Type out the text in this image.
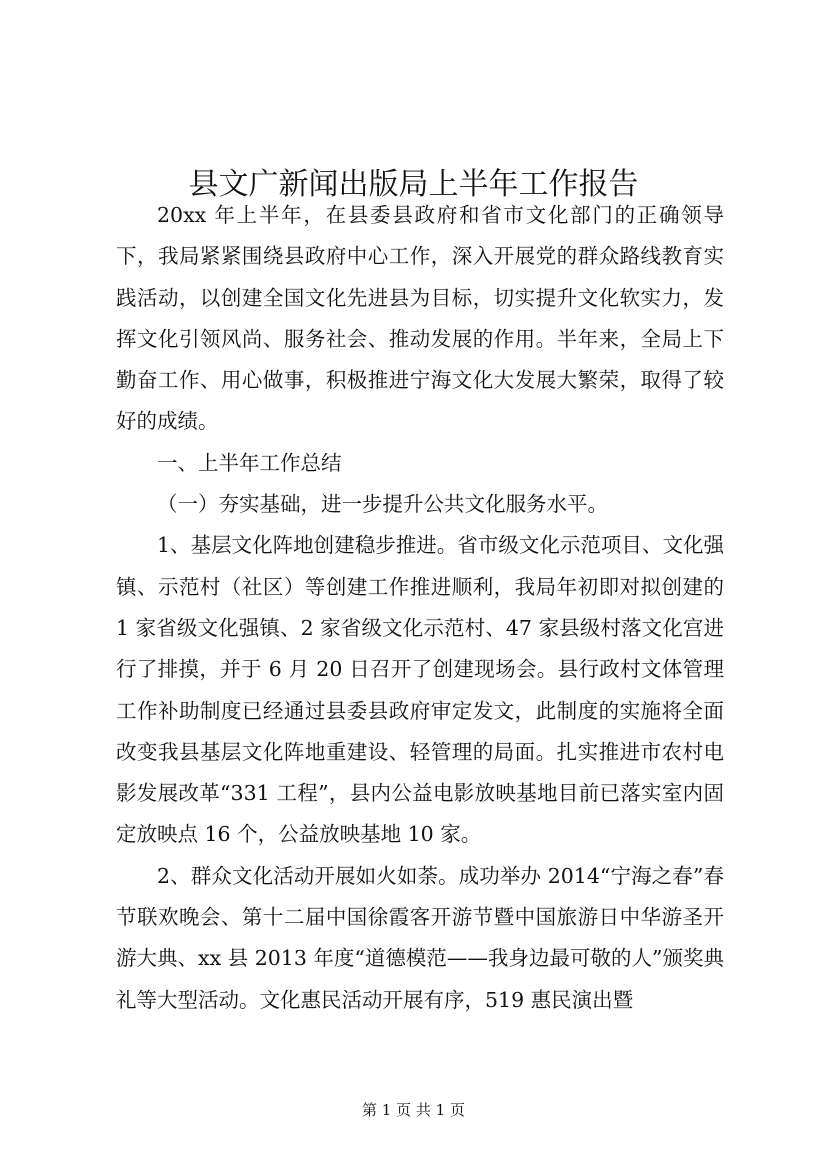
县文广新闻出版局上半年工作报告

20xx 年上半年，在县委县政府和省市文化部门的正确领导下，我局紧紧围绕县政府中心工作，深入开展党的群众路线教育实践活动，以创建全国文化先进县为目标，切实提升文化软实力，发挥文化引领风尚、服务社会、推动发展的作用。半年来，全局上下勤奋工作、用心做事，积极推进宁海文化大发展大繁荣，取得了较好的成绩。

一、上半年工作总结

（一）夯实基础，进一步提升公共文化服务水平。

1、基层文化阵地创建稳步推进。省市级文化示范项目、文化强镇、示范村（社区）等创建工作推进顺利，我局年初即对拟创建的 1 家省级文化强镇、2 家省级文化示范村、47 家县级村落文化宫进行了排摸，并于 6 月 20 日召开了创建现场会。县行政村文体管理工作补助制度已经通过县委县政府审定发文，此制度的实施将全面改变我县基层文化阵地重建设、轻管理的局面。扎实推进市农村电影发展改革“331 工程”，县内公益电影放映基地目前已落实室内固定放映点 16 个，公益放映基地 10 家。

2、群众文化活动开展如火如荼。成功举办 2014“宁海之春”春节联欢晚会、第十二届中国徐霞客开游节暨中国旅游日中华游圣开游大典、xx 县 2013 年度“道德模范——我身边最可敬的人”颁奖典礼等大型活动。文化惠民活动开展有序，519 惠民演出暨

第 1 页 共 1 页
